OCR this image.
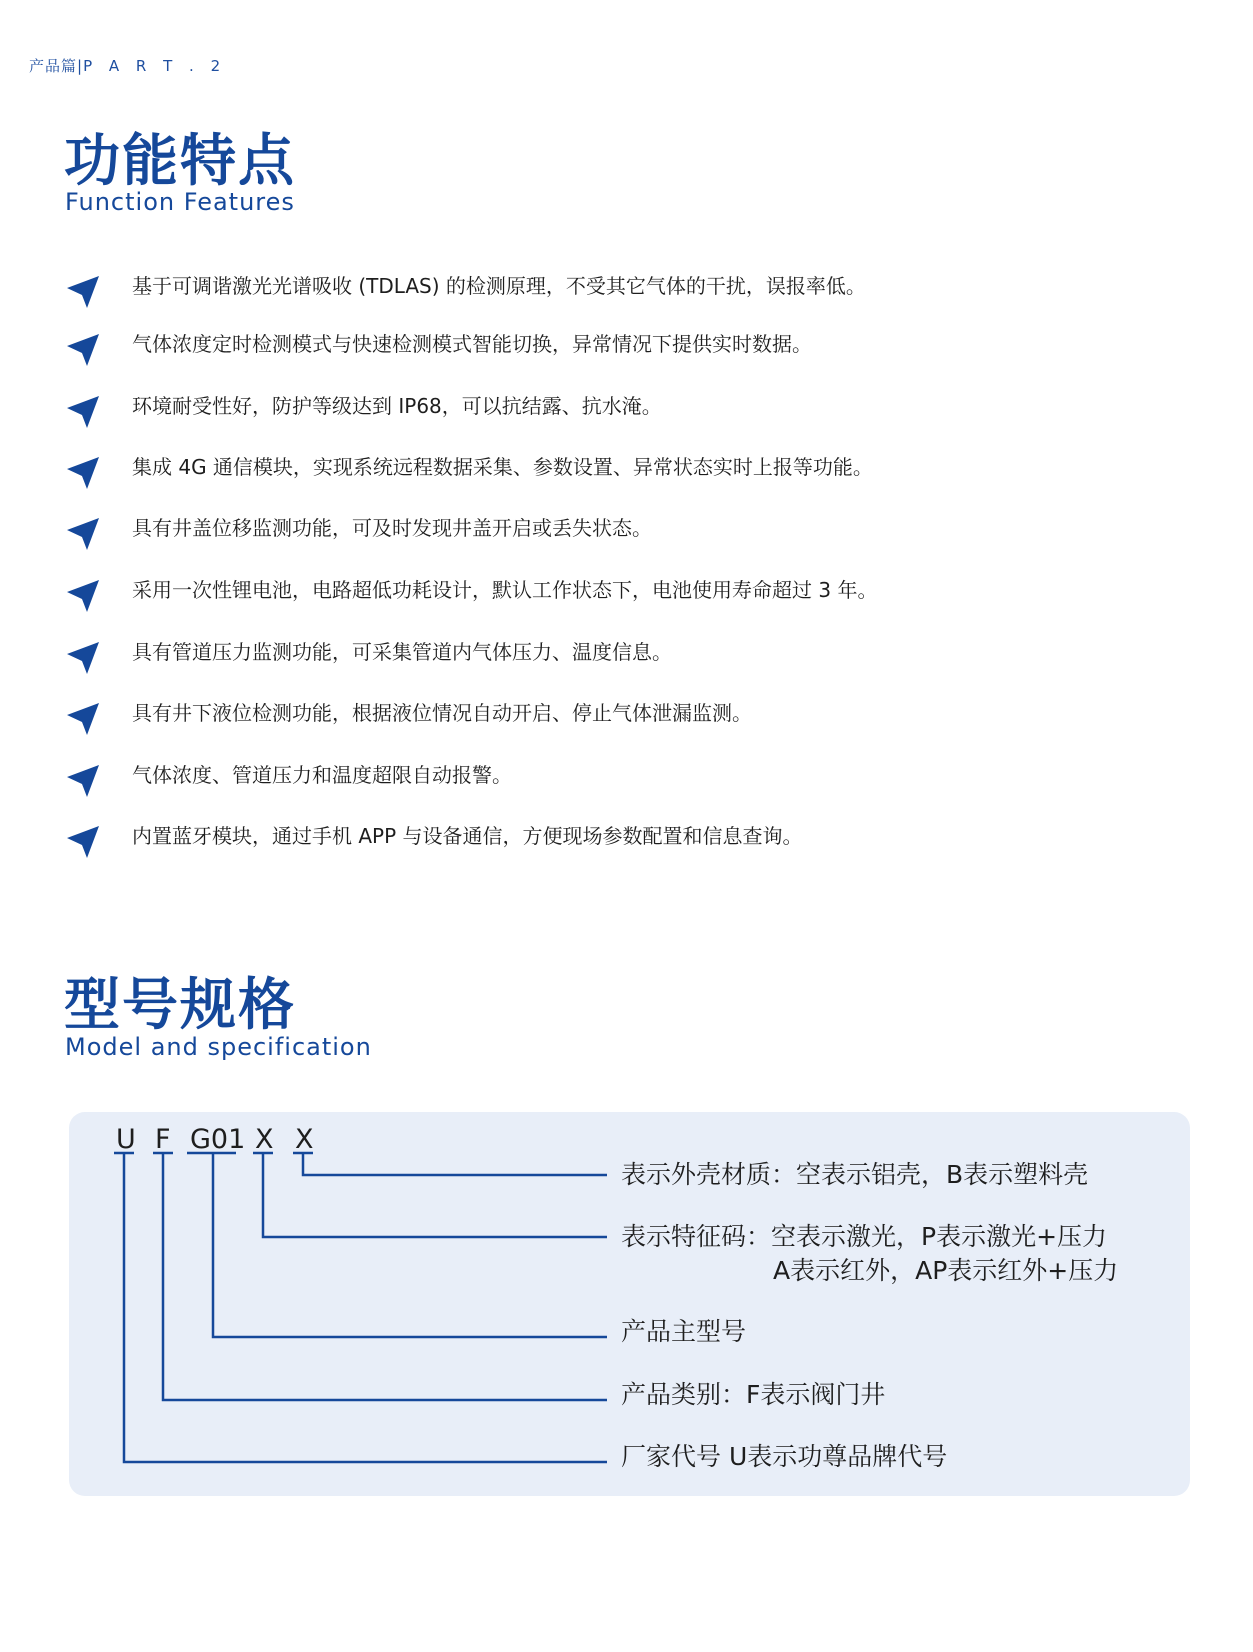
产品篇|P A R T . 2
功能特点
Function Features
基于可调谐激光光谱吸收 (TDLAS) 的检测原理，不受其它气体的干扰，误报率低。
气体浓度定时检测模式与快速检测模式智能切换，异常情况下提供实时数据。
环境耐受性好，防护等级达到 IP68，可以抗结露、抗水淹。
集成 4G 通信模块，实现系统远程数据采集、参数设置、异常状态实时上报等功能。
具有井盖位移监测功能，可及时发现井盖开启或丢失状态。
采用一次性锂电池，电路超低功耗设计，默认工作状态下，电池使用寿命超过 3 年。
具有管道压力监测功能，可采集管道内气体压力、温度信息。
具有井下液位检测功能，根据液位情况自动开启、停止气体泄漏监测。
气体浓度、管道压力和温度超限自动报警。
内置蓝牙模块，通过手机 APP 与设备通信，方便现场参数配置和信息查询。
型号规格
Model and specification
U F G01 X X
表示外壳材质：空表示铝壳，B表示塑料壳
表示特征码：空表示激光，P表示激光+压力
A表示红外，AP表示红外+压力
产品主型号
产品类别：F表示阀门井
厂家代号 U表示功尊品牌代号
